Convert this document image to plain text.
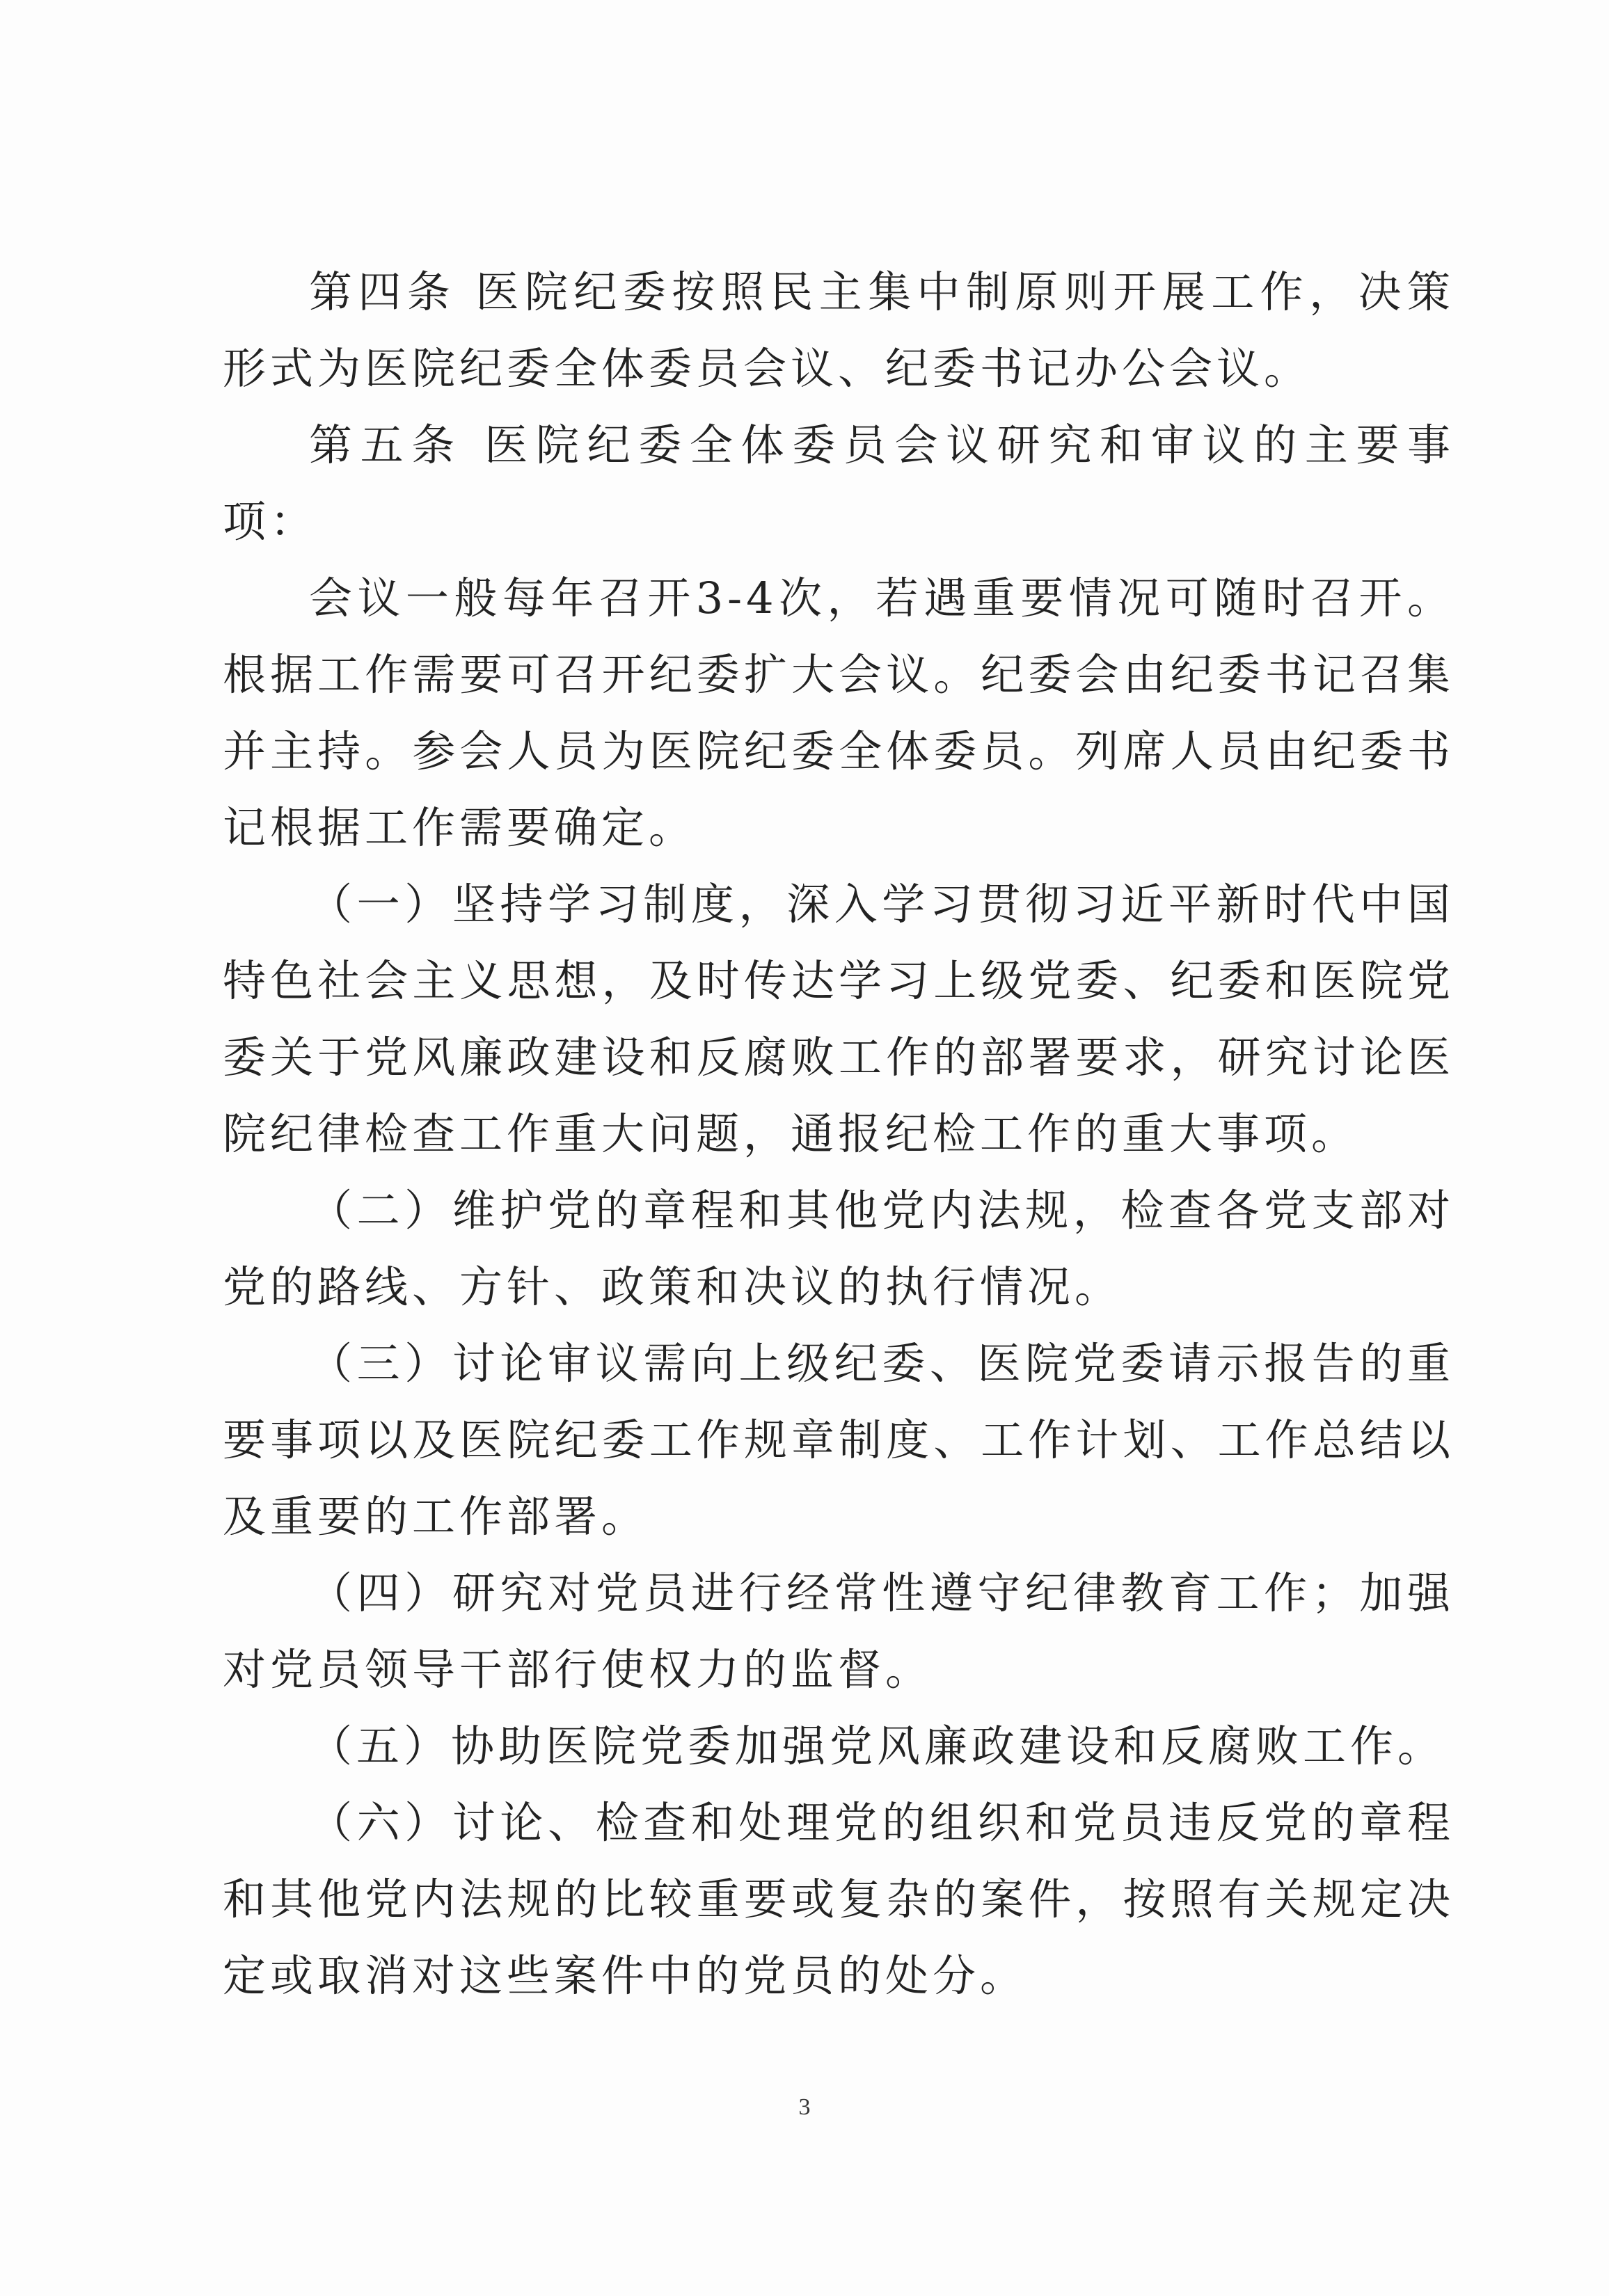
第四条 医院纪委按照民主集中制原则开展工作，决策形式为医院纪委全体委员会议、纪委书记办公会议。

第五条 医院纪委全体委员会议研究和审议的主要事项：

会议一般每年召开3-4次，若遇重要情况可随时召开。根据工作需要可召开纪委扩大会议。纪委会由纪委书记召集并主持。参会人员为医院纪委全体委员。列席人员由纪委书记根据工作需要确定。

（一）坚持学习制度，深入学习贯彻习近平新时代中国特色社会主义思想，及时传达学习上级党委、纪委和医院党委关于党风廉政建设和反腐败工作的部署要求，研究讨论医院纪律检查工作重大问题，通报纪检工作的重大事项。

（二）维护党的章程和其他党内法规，检查各党支部对党的路线、方针、政策和决议的执行情况。

（三）讨论审议需向上级纪委、医院党委请示报告的重要事项以及医院纪委工作规章制度、工作计划、工作总结以及重要的工作部署。

（四）研究对党员进行经常性遵守纪律教育工作；加强对党员领导干部行使权力的监督。

（五）协助医院党委加强党风廉政建设和反腐败工作。

（六）讨论、检查和处理党的组织和党员违反党的章程和其他党内法规的比较重要或复杂的案件，按照有关规定决定或取消对这些案件中的党员的处分。

3
